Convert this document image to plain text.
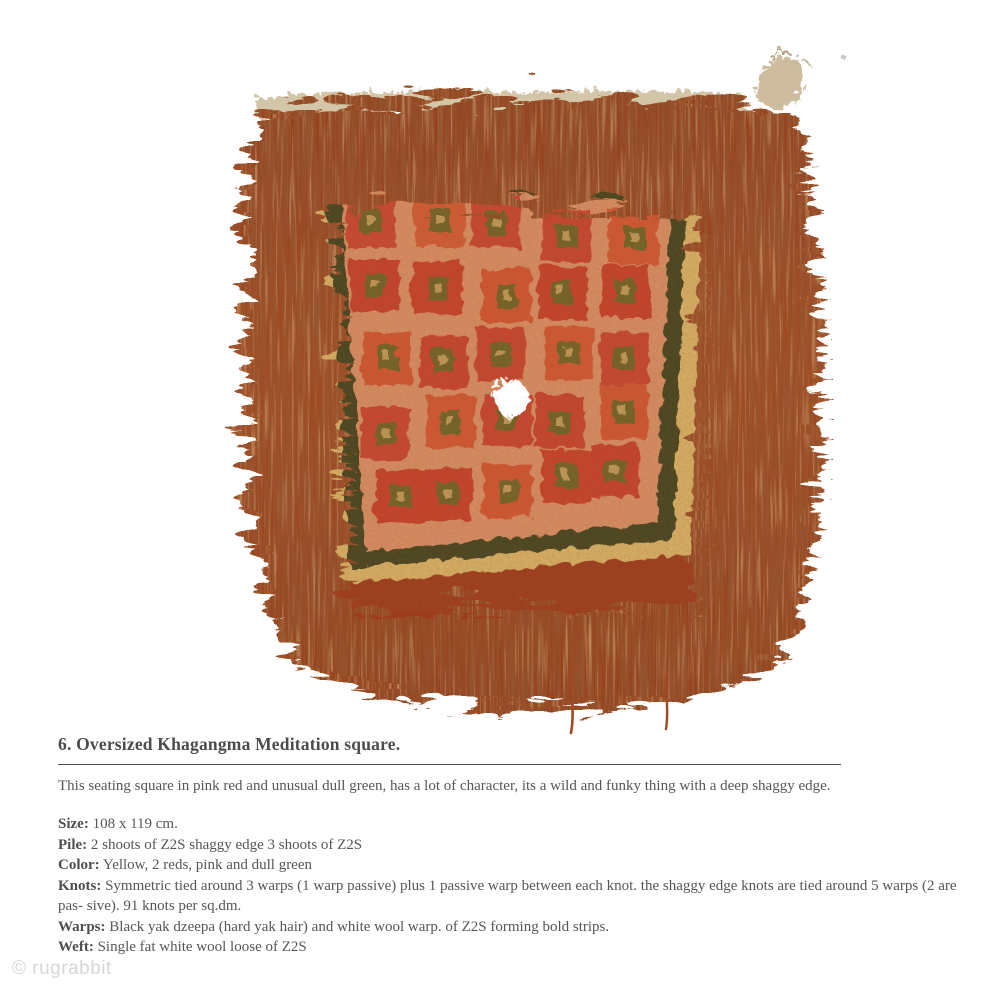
6. Oversized Khagangma Meditation square.

This seating square in pink red and unusual dull green, has a lot of character, its a wild and funky thing with a deep shaggy edge.

Size: 108 x 119 cm.
Pile: 2 shoots of Z2S shaggy edge 3 shoots of Z2S
Color: Yellow, 2 reds, pink and dull green
Knots: Symmetric tied around 3 warps (1 warp passive) plus 1 passive warp between each knot. the shaggy edge knots are tied around 5 warps (2 are pas- sive). 91 knots per sq.dm.
Warps: Black yak dzeepa (hard yak hair) and white wool warp. of Z2S forming bold strips.
Weft: Single fat white wool loose of Z2S
© rugrabbit
